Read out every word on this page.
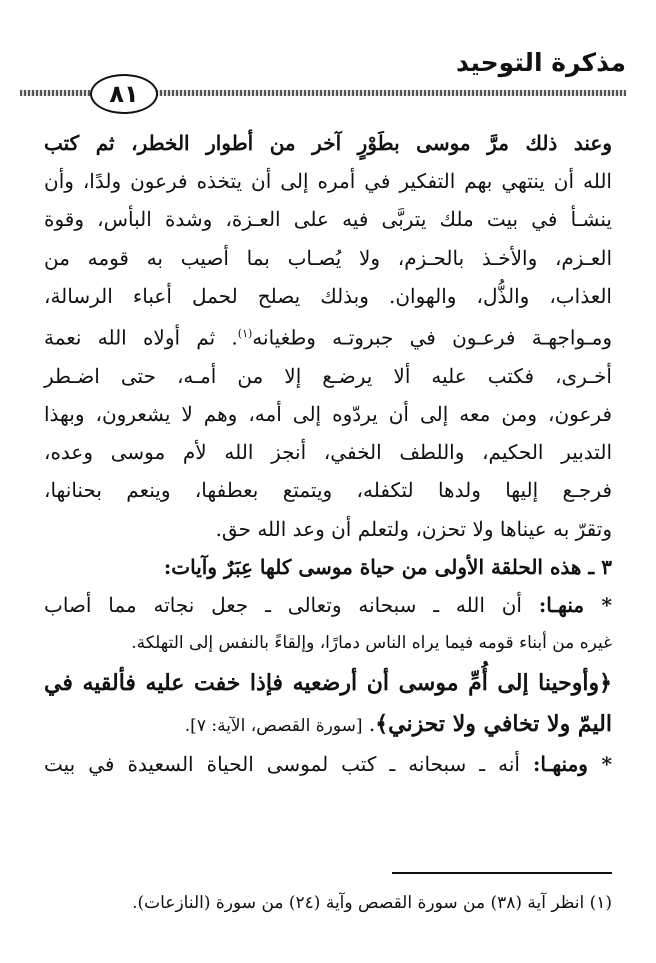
مذكرة التوحيد
٨١
وعند ذلك مرَّ موسى بطَوْرٍ آخر من أطوار الخطر، ثم كتب
الله أن ينتهي بهم التفكير في أمره إلى أن يتخذه فرعون ولدًا، وأن
ينشـأ في بيت ملك يتربَّى فيه على العـزة، وشدة البأس، وقوة
العـزم، والأخـذ بالحـزم، ولا يُصـاب بما أصيب به قومه من
العذاب، والذُّل، والهوان. وبذلك يصلح لحمل أعباء الرسالة،
ومـواجهـة فرعـون في جبروتـه وطغيانه$^{(١)}$. ثم أولاه الله نعمة
أخـرى، فكتب عليه ألا يرضـع إلا من أمـه، حتى اضـطر
فرعون، ومن معه إلى أن يردّوه إلى أمه، وهم لا يشعرون، وبهذا
التدبير الحكيم، واللطف الخفي، أنجز الله لأم موسى وعده،
فرجـع إليها ولدها لتكفله، ويتمتع بعطفها، وينعم بحنانها،
وتقرّ به عيناها ولا تحزن، ولتعلم أن وعد الله حق.
٣ ـ هذه الحلقة الأولى من حياة موسى كلها عِبَرٌ وآيات:
* منهـا: أن الله ـ سبحانه وتعالى ـ جعل نجاته مما أصاب
غيره من أبناء قومه فيما يراه الناس دمارًا، وإلقاءً بالنفس إلى التهلكة.
﴿وأوحينا إلى أُمِّ موسى أن أرضعيه فإذا خفت عليه فألقيه في
اليمّ ولا تخافي ولا تحزني﴾. [سورة القصص، الآية: ٧].
* ومنهـا: أنه ـ سبحانه ـ كتب لموسى الحياة السعيدة في بيت
(١) انظر آية (٣٨) من سورة القصص وآية (٢٤) من سورة (النازعات).
